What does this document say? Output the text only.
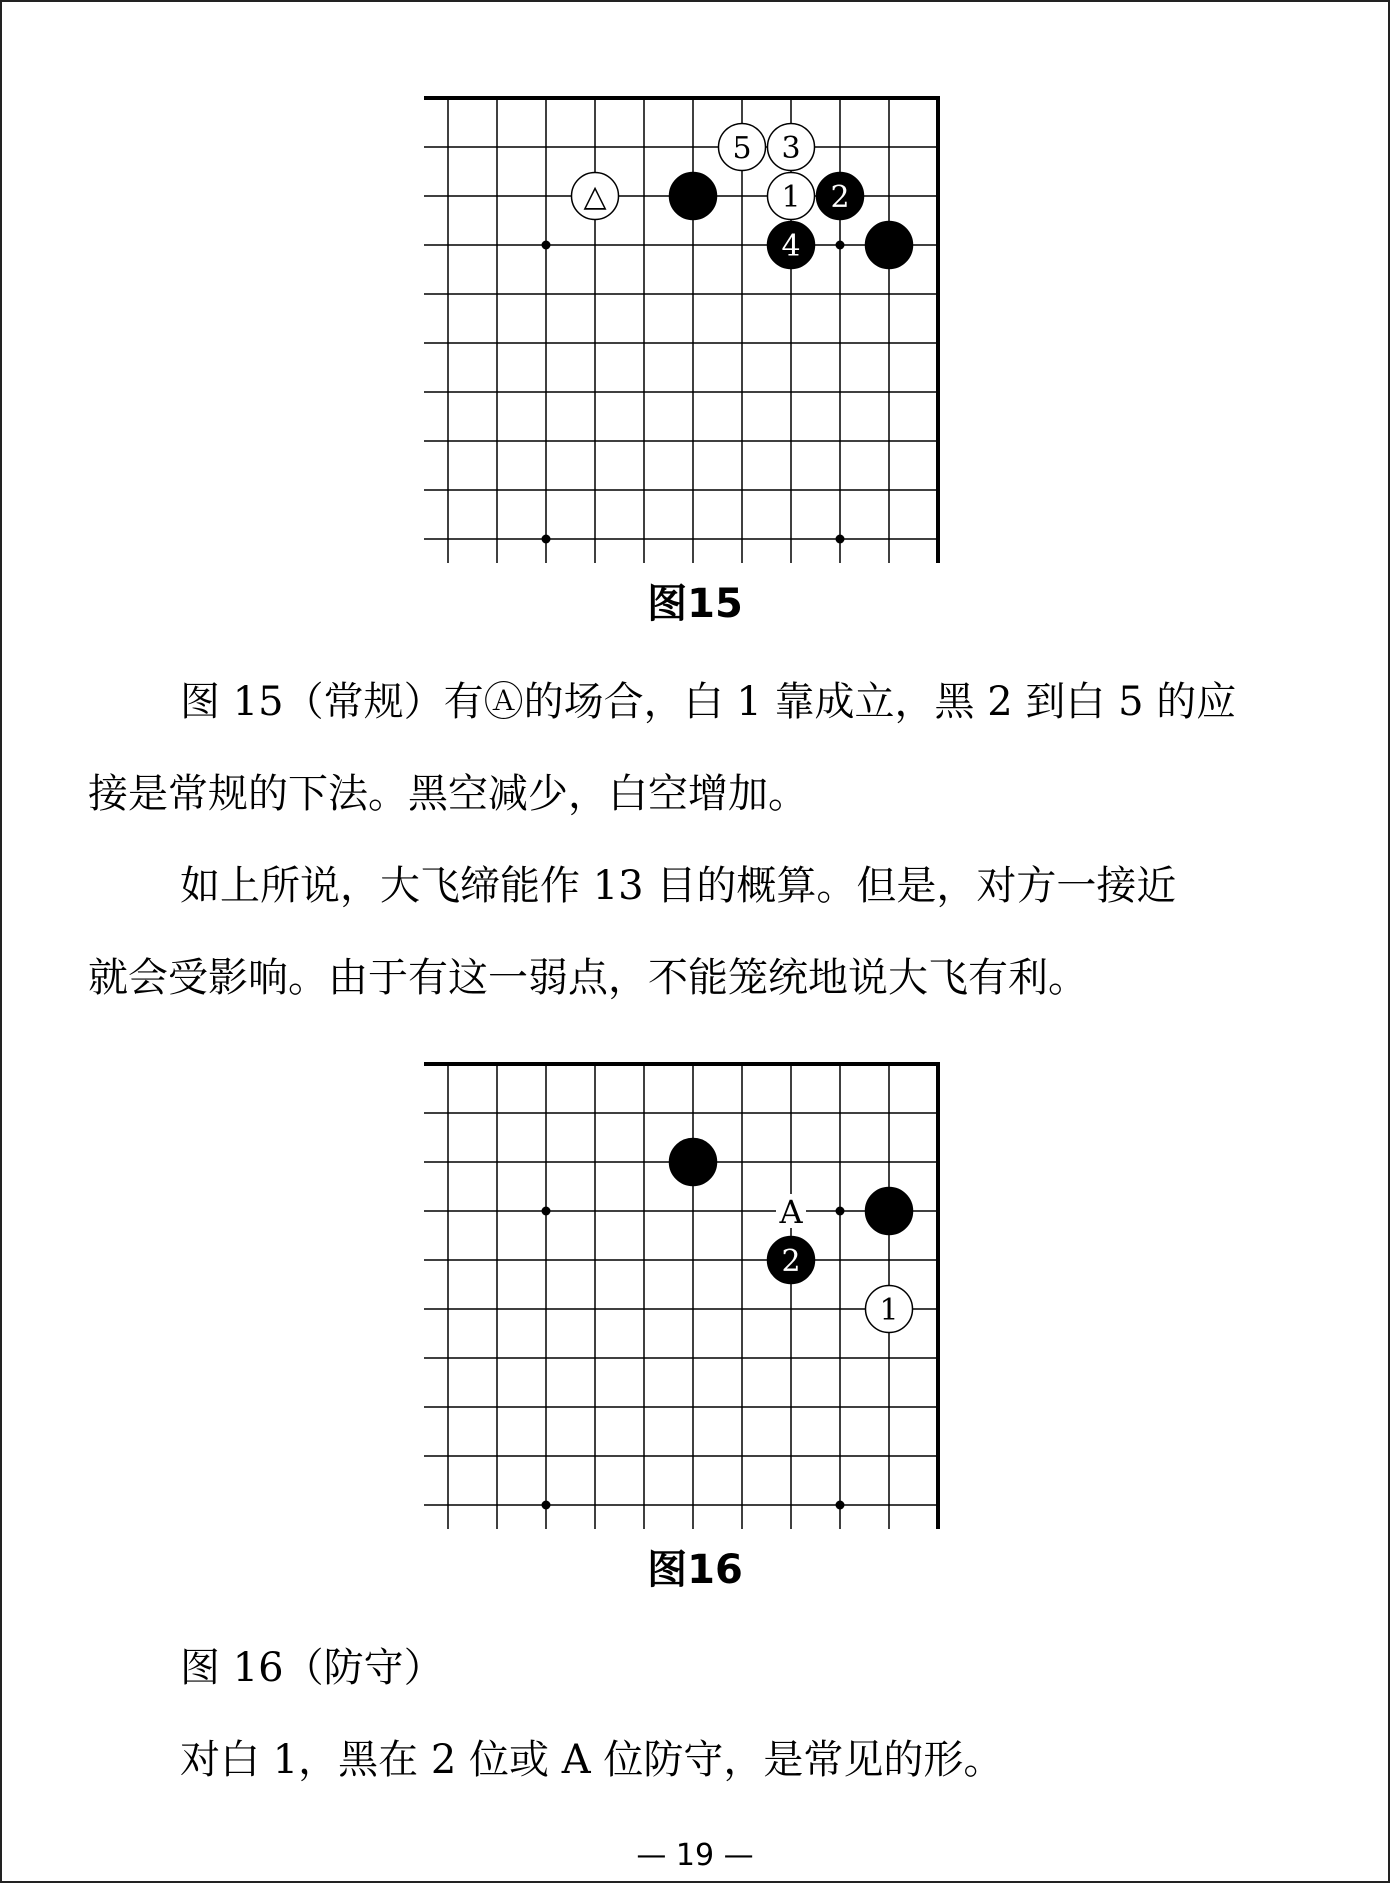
5 3
△	1 2
4
图15
图 15（常规）有Ⓐ的场合，白 1 靠成立，黑 2 到白 5 的应
接是常规的下法。黑空减少，白空增加。
如上所说，大飞缔能作 13 目的概算。但是，对方一接近
就会受影响。由于有这一弱点，不能笼统地说大飞有利。
A
2
1
图16
图 16（防守）
对白 1，黑在 2 位或 A 位防守，是常见的形。
— 19 —
